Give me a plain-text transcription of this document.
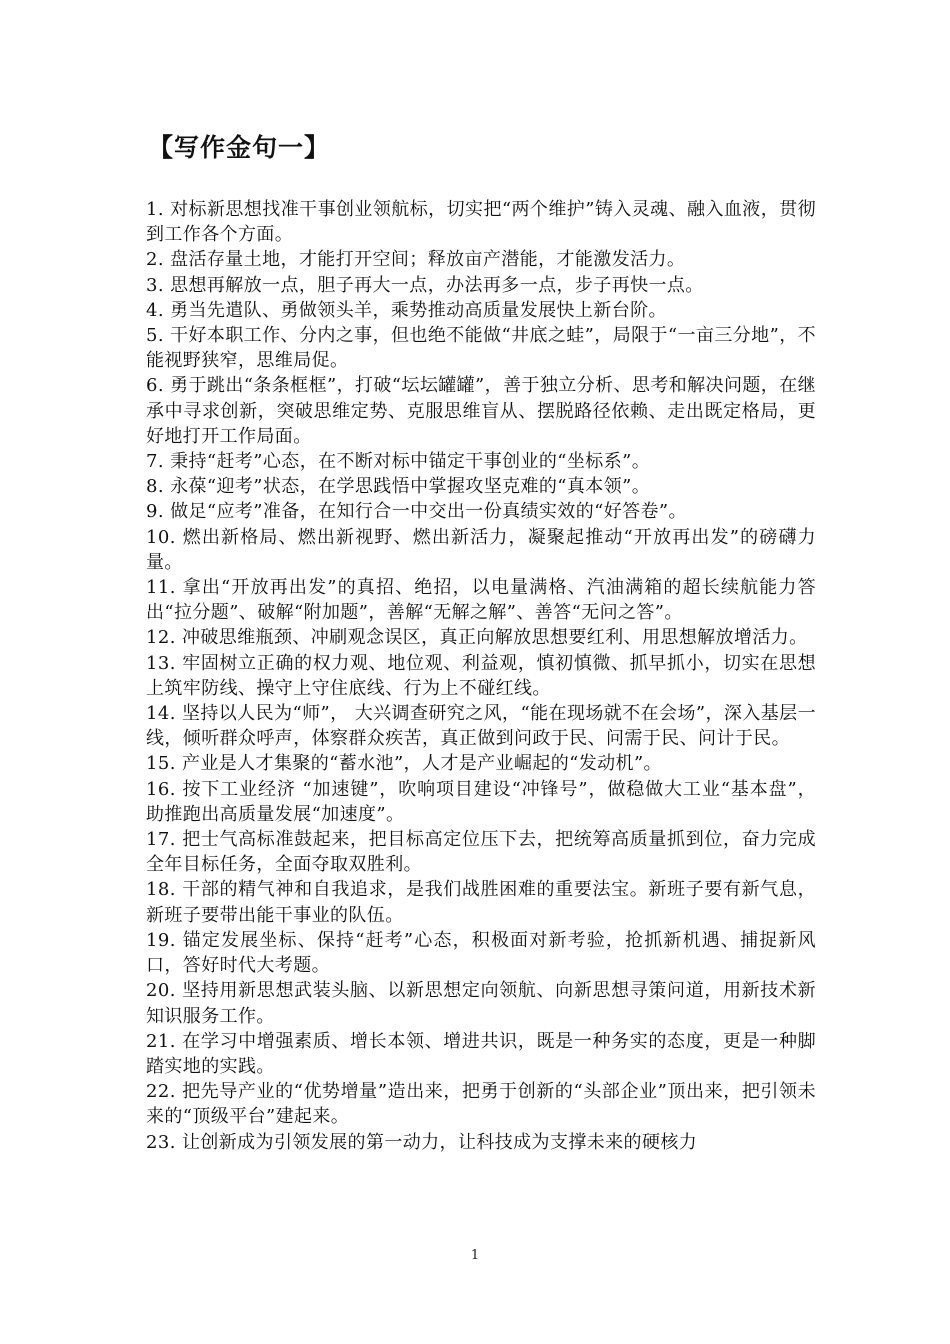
【写作金句一】

1. 对标新思想找准干事创业领航标，切实把“两个维护”铸入灵魂、融入血液，贯彻到工作各个方面。

2. 盘活存量土地，才能打开空间；释放亩产潜能，才能激发活力。

3. 思想再解放一点，胆子再大一点，办法再多一点，步子再快一点。

4. 勇当先遣队、勇做领头羊，乘势推动高质量发展快上新台阶。

5. 干好本职工作、分内之事，但也绝不能做“井底之蛙”，局限于“一亩三分地”，不能视野狭窄，思维局促。

6. 勇于跳出“条条框框”，打破“坛坛罐罐”，善于独立分析、思考和解决问题，在继承中寻求创新，突破思维定势、克服思维盲从、摆脱路径依赖、走出既定格局，更好地打开工作局面。

7. 秉持“赶考”心态，在不断对标中锚定干事创业的“坐标系”。

8. 永葆“迎考”状态，在学思践悟中掌握攻坚克难的“真本领”。

9. 做足“应考”准备，在知行合一中交出一份真绩实效的“好答卷”。

10. 燃出新格局、燃出新视野、燃出新活力，凝聚起推动“开放再出发”的磅礴力量。

11. 拿出“开放再出发”的真招、绝招，以电量满格、汽油满箱的超长续航能力答出“拉分题”、破解“附加题”，善解“无解之解”、善答“无问之答”。

12. 冲破思维瓶颈、冲刷观念误区，真正向解放思想要红利、用思想解放增活力。

13. 牢固树立正确的权力观、地位观、利益观，慎初慎微、抓早抓小，切实在思想上筑牢防线、操守上守住底线、行为上不碰红线。

14. 坚持以人民为“师”， 大兴调查研究之风，“能在现场就不在会场”，深入基层一线，倾听群众呼声，体察群众疾苦，真正做到问政于民、问需于民、问计于民。

15. 产业是人才集聚的“蓄水池”，人才是产业崛起的“发动机”。

16. 按下工业经济 “加速键”，吹响项目建设“冲锋号”，做稳做大工业“基本盘”，助推跑出高质量发展“加速度”。

17. 把士气高标准鼓起来，把目标高定位压下去，把统筹高质量抓到位，奋力完成全年目标任务，全面夺取双胜利。

18. 干部的精气神和自我追求，是我们战胜困难的重要法宝。新班子要有新气息，新班子要带出能干事业的队伍。

19. 锚定发展坐标、保持“赶考”心态，积极面对新考验，抢抓新机遇、捕捉新风口，答好时代大考题。

20. 坚持用新思想武装头脑、以新思想定向领航、向新思想寻策问道，用新技术新知识服务工作。

21. 在学习中增强素质、增长本领、增进共识，既是一种务实的态度，更是一种脚踏实地的实践。

22. 把先导产业的“优势增量”造出来，把勇于创新的“头部企业”顶出来，把引领未来的“顶级平台”建起来。

23. 让创新成为引领发展的第一动力，让科技成为支撑未来的硬核力

1
